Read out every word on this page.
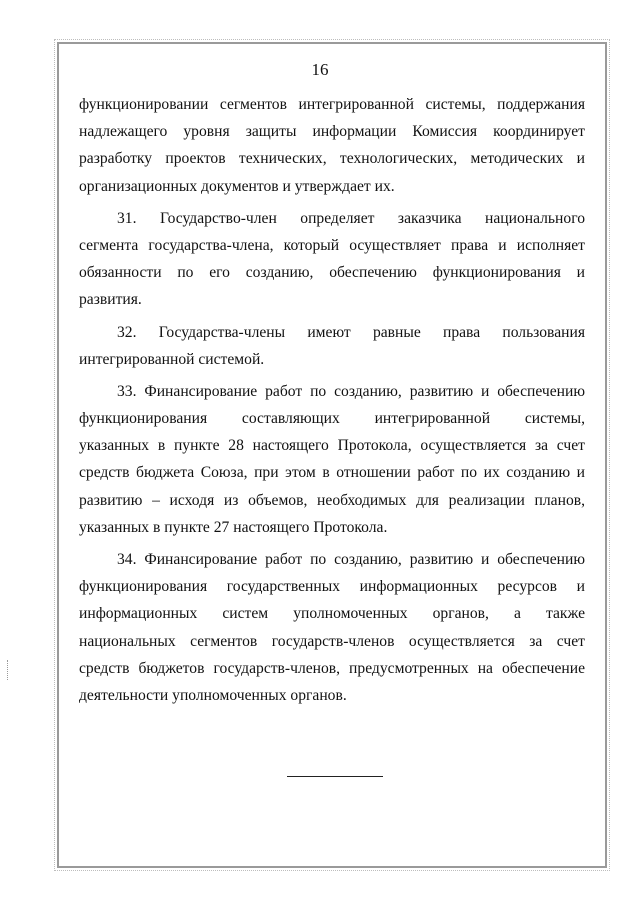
16
функционировании сегментов интегрированной системы, поддержания
надлежащего уровня защиты информации Комиссия координирует
разработку проектов технических, технологических, методических и
организационных документов и утверждает их.
31. Государство-член определяет заказчика национального
сегмента государства-члена, который осуществляет права и исполняет
обязанности по его созданию, обеспечению функционирования и
развития.
32. Государства-члены имеют равные права пользования
интегрированной системой.
33. Финансирование работ по созданию, развитию и обеспечению
функционирования составляющих интегрированной системы,
указанных в пункте 28 настоящего Протокола, осуществляется за счет
средств бюджета Союза, при этом в отношении работ по их созданию и
развитию – исходя из объемов, необходимых для реализации планов,
указанных в пункте 27 настоящего Протокола.
34. Финансирование работ по созданию, развитию и обеспечению
функционирования государственных информационных ресурсов и
информационных систем уполномоченных органов, а также
национальных сегментов государств-членов осуществляется за счет
средств бюджетов государств-членов, предусмотренных на обеспечение
деятельности уполномоченных органов.
